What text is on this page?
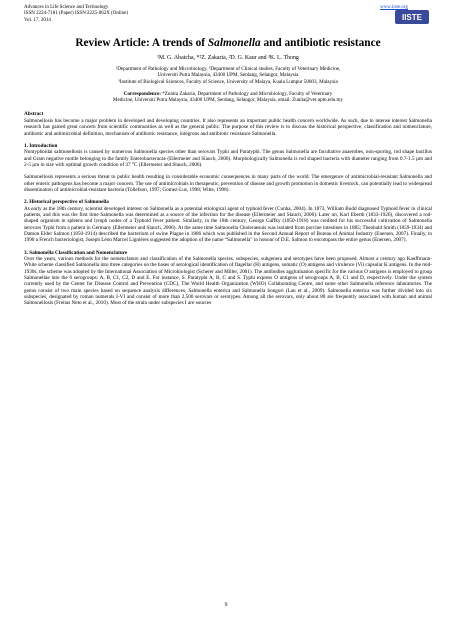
Advances in Life Science and Technology
ISSN 2224-7181 (Paper) ISSN 2225-062X (Online)
Vol. 17, 2014
www.iiste.org
IISTE
Review Article: A trends of Salmonella and antibiotic resistance
¹M. G. Abatcha, *²Z. Zakaria, ²D. G. Kaur and ³K. L. Thong
¹Department of Pathology and Microbiology, ²Department of Clinical studies, Faculty of Veterinary Medicine,
Universiti Putra Malaysia, 43400 UPM, Serdang, Selangor, Malaysia
³Institute of Biological Sciences, Faculty of Science, University of Malaya, Kuala Lumpur 50603, Malaysia
Correspondence: *Zunita Zakaria, Department of Pathology and Microbiology, Faculty of Veterinary
Medicine, Universiti Putra Malaysia, 43400 UPM, Serdang, Selangor, Malaysia, email: Zunita@vet.upm.edu.my
Abstract

Salmonellosis has become a major problem in developed and developing countries. It also represents an important public health concern worldwide. As such, due to intense interest Salmonella research has gained great concern from scientific communities as well as the general public. The purpose of this review is to discuss the historical perspective, classification and nomenclature, antibiotic and antimicrobial definition, mechanism of antibiotic resistance, integrons and antibiotic resistance Salmonella.

1. Introduction

Nontyphoidal salmonellosis is caused by numerous Salmonella species other than serovars Typhi and Paratyphi. The genus Salmonella are facultative anaerobes, non-sporing, rod shape bacillus and Gram negative motile belonging to the family Enterobacteracae (Ellermeier and Slauch, 2006). Morphologically Salmonella is rod shaped bacteria with diameter ranging from 0.7-1.5 µm and 2-5 µm in size with optimal growth condition of 37 °C (Ellermeier and Slauch, 2006).

Salmonellosis represents a serious threat to public health resulting in considerable economic consequences in many parts of the world. The emergence of antimicrobial-resistant Salmonella and other enteric pathogens has become a major concern. The use of antimicrobials in therapeutic, prevention of disease and growth promotion in domestic livestock, can potentially lead to widespread dissemination of antimicrobial-resistant bacteria (Tollefson, 1997; Gomez-Lus, 1998; Witte, 1998).

2. Historical perspective of Salmonella

As early as the 18th century, scientist developed interest on Salmonella as a potential etiological agent of typhoid fever (Cunha, 2004). In 1873, William Budd diagnosed Typhoid fever in clinical patients, and this was the first time Salmonella was determined as a source of the infection for the disease (Ellermeier and Slauch, 2006). Later on, Karl Eberth (1833-1926), discovered a rod-shaped organism in spleens and lymph nodes of a Typhoid fever patient. Similarly, in the 18th century, George Gaffky (1850-1918) was credited for his successful cultivation of Salmonella serovars Typhi from a patient in Germany (Ellermeier and Slauch, 2006). At the same time Salmonella Choleraesuis was isolated from porcine intestines in 1885; Theobald Smith (1859-1934) and Damon Elder Salmon (1850-1914) described the bacterium of swine Plague in 1886 which was published in the Second Annual Report of Bureau of Animal Industry (Enersen, 2007). Finally, in 1990 a French bacteriologist, Joseph Léon Marcel Lignières suggested the adoption of the name “Salmonella” in honour of D.E. Salmon to encompass the entire genus (Enersen, 2007).

3. Salmonella Classification and Nomenclature

Over the years, various methods for the nomenclature and classification of the Salmonella species, subspecies, subgenera and serotypes have been proposed. Almost a century ago Kauffmann-White scheme classified Salmonella into three categories on the bases of serological identification of flagellar (H) antigens, somatic (O) antigens and virulence (Vi) capsular K antigens. In the mid-1930s, the scheme was adopted by the International Association of Microbiologist (Scherer and Miller, 2001). The antibodies agglutination specific for the various O antigens is employed to group Salmonellae into the 6 serogroups: A, B, C1, C2, D and E. For instance, S. Paratyphi A, B, C and S. Typhi express O antigens of serogroups A, B, C1 and D, respectively. Under the system currently used by the Center for Disease Control and Prevention (CDC), The World Health Organization (WHO) Collaborating Centre, and some other Salmonella reference laboratories. The genus consist of two main species based on sequence analysis differences, Salmonella enterica and Salmonella bongori (Lan et al., 2009). Salmonella enterica was further divided into six subspecies, designated by roman numerals I-VI and consist of more than 2,500 serovars or serotypes. Among all the serovars, only about 80 are frequently associated with human and animal Salmonellosis (Freitas Neto et al., 2010). Most of the strain under subspecies I are sources

9
